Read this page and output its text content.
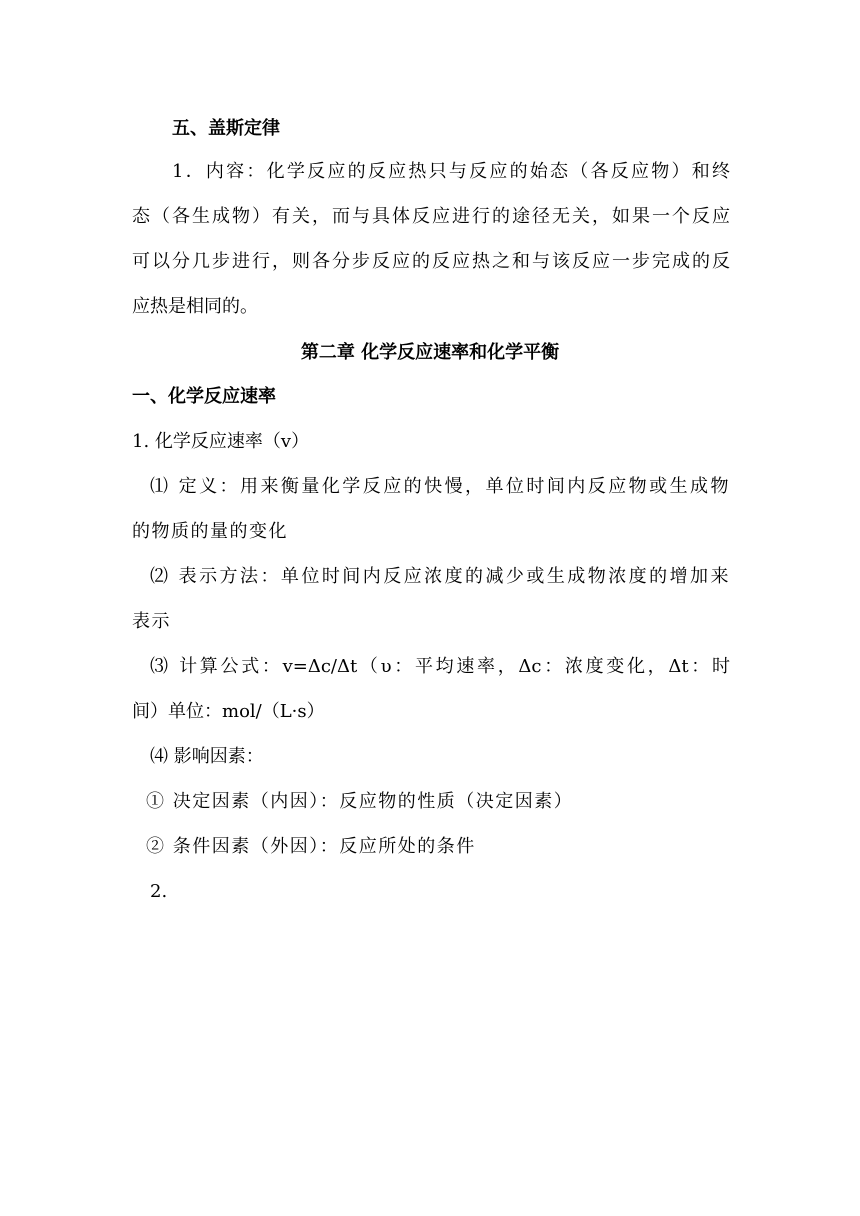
五、盖斯定律

1．内容：化学反应的反应热只与反应的始态（各反应物）和终

态（各生成物）有关，而与具体反应进行的途径无关，如果一个反应

可以分几步进行，则各分步反应的反应热之和与该反应一步完成的反

应热是相同的。

第二章 化学反应速率和化学平衡

一、化学反应速率

1. 化学反应速率（v）

⑴ 定义：用来衡量化学反应的快慢，单位时间内反应物或生成物

的物质的量的变化

⑵ 表示方法：单位时间内反应浓度的减少或生成物浓度的增加来

表示

⑶ 计算公式：v=Δc/Δt（υ：平均速率，Δc：浓度变化，Δt：时

间）单位：mol/（L·s）

⑷ 影响因素：

① 决定因素（内因）：反应物的性质（决定因素）

② 条件因素（外因）：反应所处的条件

2.
